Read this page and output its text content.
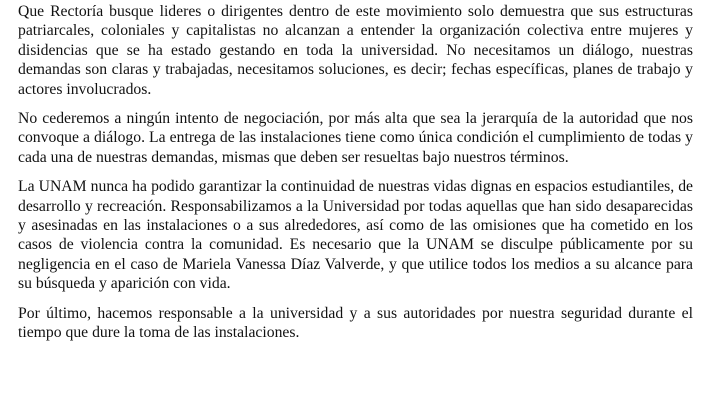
Que Rectoría busque lideres o dirigentes dentro de este movimiento solo demuestra que sus estructuras patriarcales, coloniales y capitalistas no alcanzan a entender la organización colectiva entre mujeres y disidencias que se ha estado gestando en toda la universidad. No necesitamos un diálogo, nuestras demandas son claras y trabajadas, necesitamos soluciones, es decir; fechas específicas, planes de trabajo y actores involucrados.

No cederemos a ningún intento de negociación, por más alta que sea la jerarquía de la autoridad que nos convoque a diálogo. La entrega de las instalaciones tiene como única condición el cumplimiento de todas y cada una de nuestras demandas, mismas que deben ser resueltas bajo nuestros términos.

La UNAM nunca ha podido garantizar la continuidad de nuestras vidas dignas en espacios estudiantiles, de desarrollo y recreación. Responsabilizamos a la Universidad por todas aquellas que han sido desaparecidas y asesinadas en las instalaciones o a sus alrededores, así como de las omisiones que ha cometido en los casos de violencia contra la comunidad. Es necesario que la UNAM se disculpe públicamente por su negligencia en el caso de Mariela Vanessa Díaz Valverde, y que utilice todos los medios a su alcance para su búsqueda y aparición con vida.

Por último, hacemos responsable a la universidad y a sus autoridades por nuestra seguridad durante el tiempo que dure la toma de las instalaciones.
